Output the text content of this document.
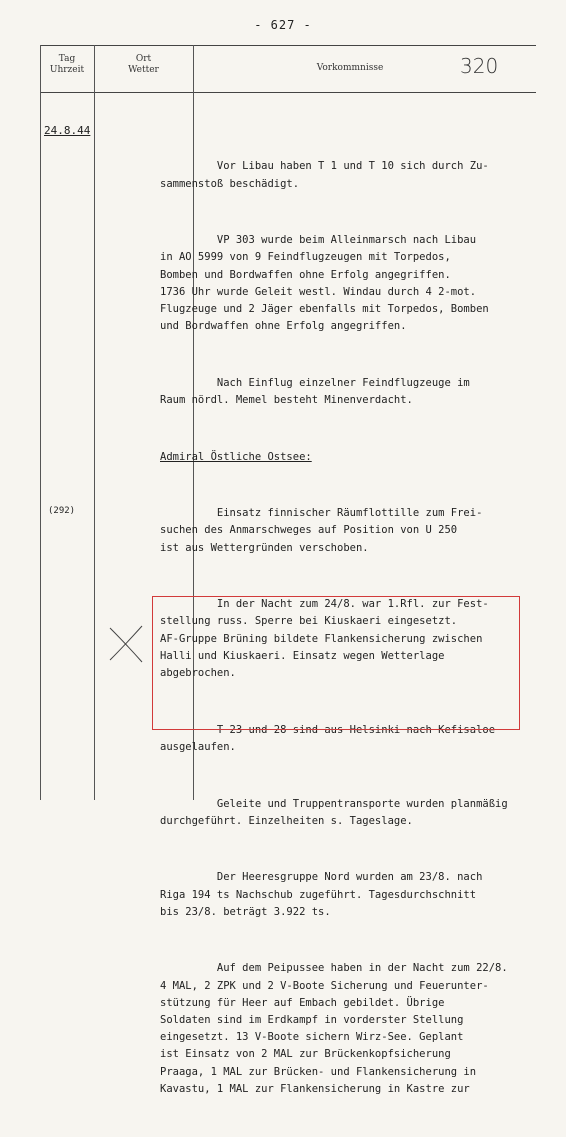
- 627 -
Tag
Uhrzeit
Ort
Wetter	Vorkommnisse	320
24.8.44
(292)

Vor Libau haben T 1 und T 10 sich durch Zu-
sammenstoß beschädigt.

VP 303 wurde beim Alleinmarsch nach Libau
in AO 5999 von 9 Feindflugzeugen mit Torpedos,
Bomben und Bordwaffen ohne Erfolg angegriffen.
1736 Uhr wurde Geleit westl. Windau durch 4 2-mot.
Flugzeuge und 2 Jäger ebenfalls mit Torpedos, Bomben
und Bordwaffen ohne Erfolg angegriffen.

Nach Einflug einzelner Feindflugzeuge im
Raum nördl. Memel besteht Minenverdacht.

Admiral Östliche Ostsee:

Einsatz finnischer Räumflottille zum Frei-
suchen des Anmarschweges auf Position von U 250
ist aus Wettergründen verschoben.

In der Nacht zum 24/8. war 1.Rfl. zur Fest-
stellung russ. Sperre bei Kiuskaeri eingesetzt.
AF-Gruppe Brüning bildete Flankensicherung zwischen
Halli und Kiuskaeri. Einsatz wegen Wetterlage
abgebrochen.

T 23 und 28 sind aus Helsinki nach Kefisaloe
ausgelaufen.

Geleite und Truppentransporte wurden planmäßig
durchgeführt. Einzelheiten s. Tageslage.

Der Heeresgruppe Nord wurden am 23/8. nach
Riga 194 ts Nachschub zugeführt. Tagesdurchschnitt
bis 23/8. beträgt 3.922 ts.

Auf dem Peipussee haben in der Nacht zum 22/8.
4 MAL, 2 ZPK und 2 V-Boote Sicherung und Feuerunter-
stützung für Heer auf Embach gebildet. Übrige
Soldaten sind im Erdkampf in vorderster Stellung
eingesetzt. 13 V-Boote sichern Wirz-See. Geplant
ist Einsatz von 2 MAL zur Brückenkopfsicherung
Praaga, 1 MAL zur Brücken- und Flankensicherung in
Kavastu, 1 MAL zur Flankensicherung in Kastre zur
